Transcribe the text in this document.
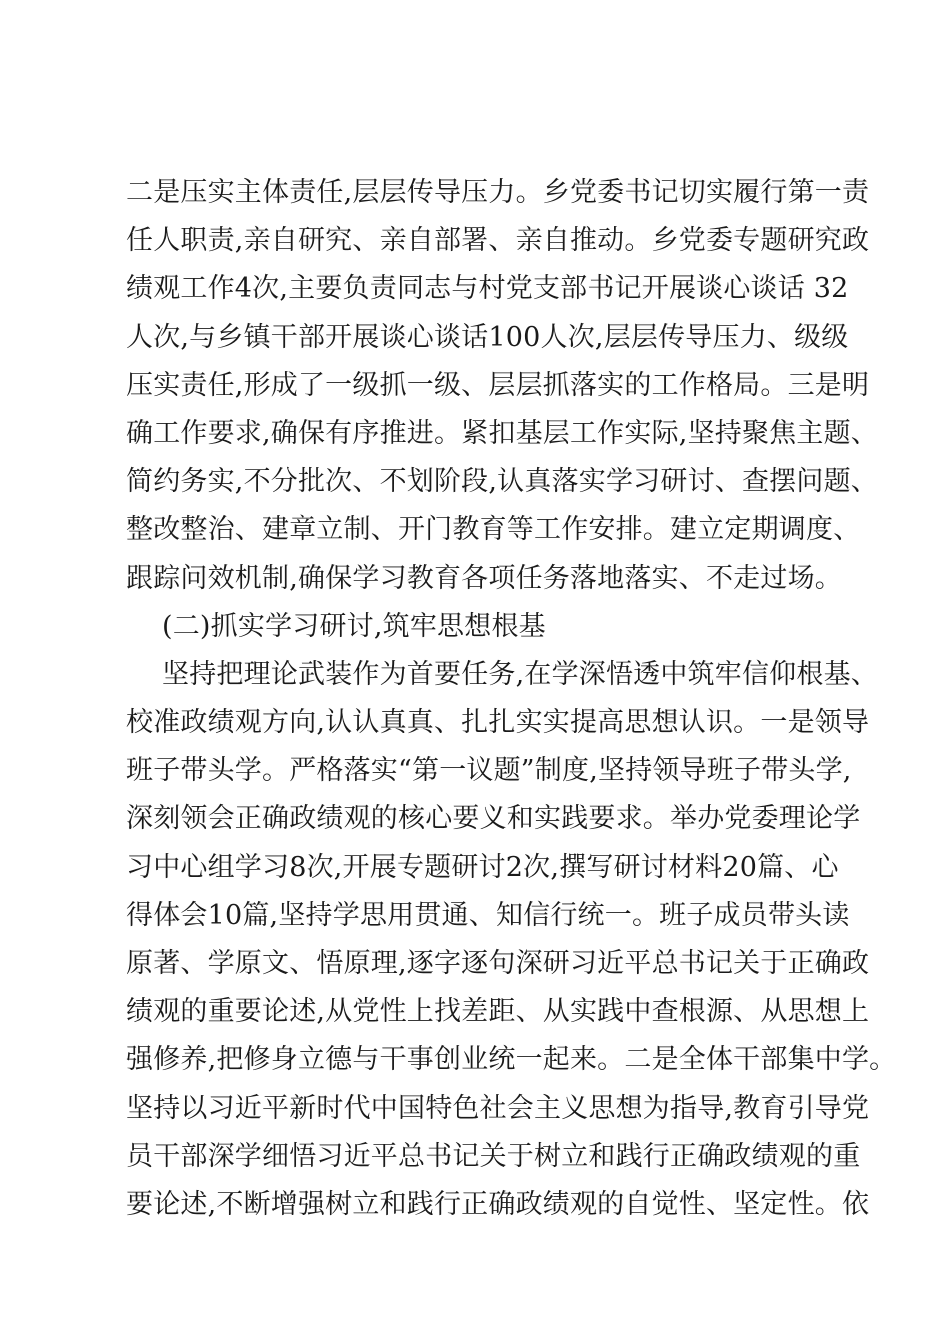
二是压实主体责任,层层传导压力。乡党委书记切实履行第一责
任人职责,亲自研究、亲自部署、亲自推动。乡党委专题研究政
绩观工作4次,主要负责同志与村党支部书记开展谈心谈话 32
人次,与乡镇干部开展谈心谈话100人次,层层传导压力、级级
压实责任,形成了一级抓一级、层层抓落实的工作格局。三是明
确工作要求,确保有序推进。紧扣基层工作实际,坚持聚焦主题、
简约务实,不分批次、不划阶段,认真落实学习研讨、查摆问题、
整改整治、建章立制、开门教育等工作安排。建立定期调度、
跟踪问效机制,确保学习教育各项任务落地落实、不走过场。
(二)抓实学习研讨,筑牢思想根基
坚持把理论武装作为首要任务,在学深悟透中筑牢信仰根基、
校准政绩观方向,认认真真、扎扎实实提高思想认识。一是领导
班子带头学。严格落实“第一议题”制度,坚持领导班子带头学,
深刻领会正确政绩观的核心要义和实践要求。举办党委理论学
习中心组学习8次,开展专题研讨2次,撰写研讨材料20篇、心
得体会10篇,坚持学思用贯通、知信行统一。班子成员带头读
原著、学原文、悟原理,逐字逐句深研习近平总书记关于正确政
绩观的重要论述,从党性上找差距、从实践中查根源、从思想上
强修养,把修身立德与干事创业统一起来。二是全体干部集中学。
坚持以习近平新时代中国特色社会主义思想为指导,教育引导党
员干部深学细悟习近平总书记关于树立和践行正确政绩观的重
要论述,不断增强树立和践行正确政绩观的自觉性、坚定性。依
